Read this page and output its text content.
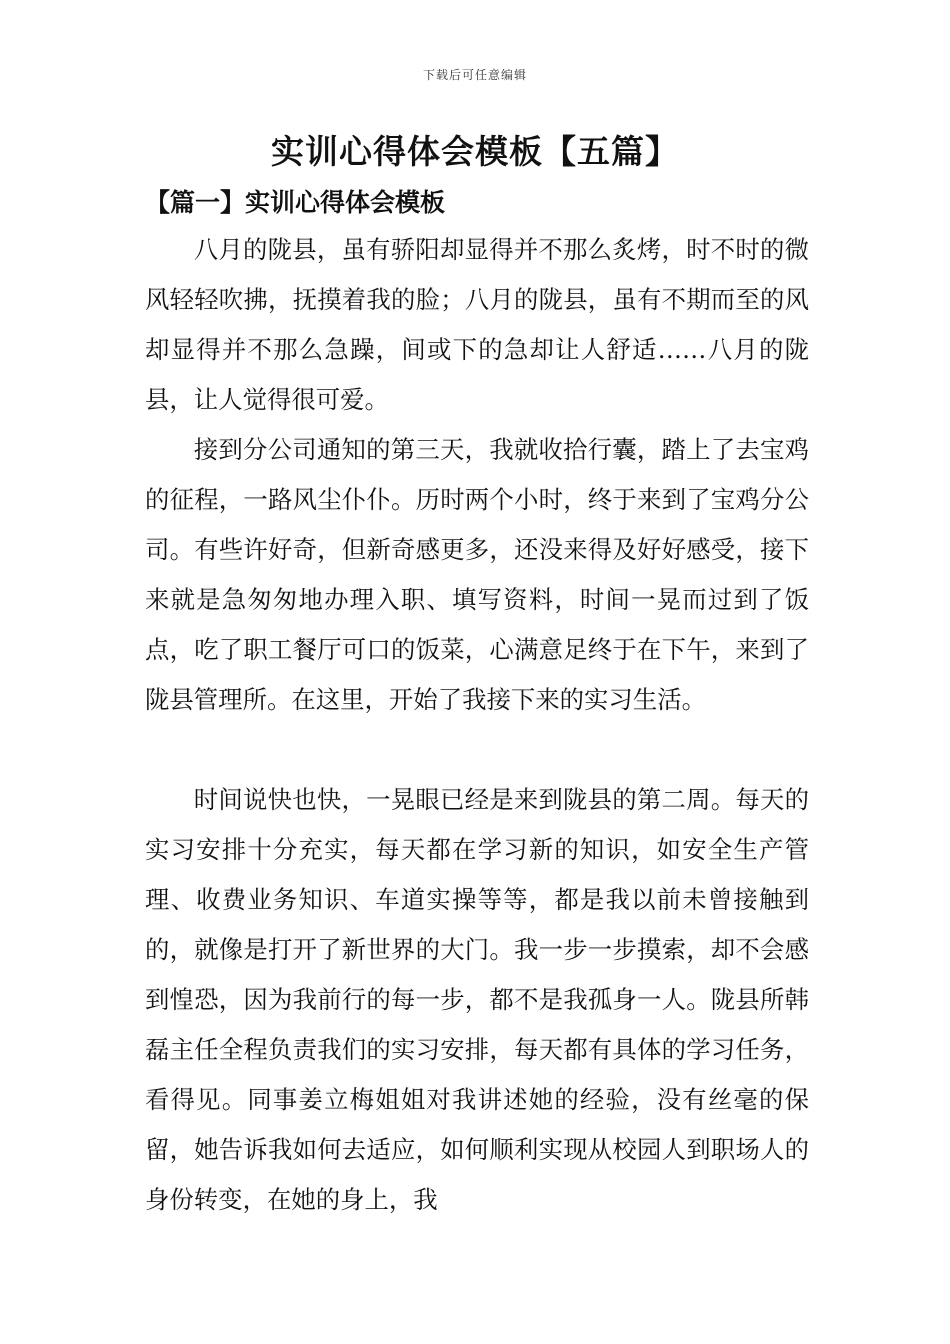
下载后可任意编辑
实训心得体会模板【五篇】
【篇一】实训心得体会模板

八月的陇县，虽有骄阳却显得并不那么炙烤，时不时的微风轻轻吹拂，抚摸着我的脸；八月的陇县，虽有不期而至的风却显得并不那么急躁，间或下的急却让人舒适……八月的陇县，让人觉得很可爱。

接到分公司通知的第三天，我就收拾行囊，踏上了去宝鸡的征程，一路风尘仆仆。历时两个小时，终于来到了宝鸡分公司。有些许好奇，但新奇感更多，还没来得及好好感受，接下来就是急匆匆地办理入职、填写资料，时间一晃而过到了饭点，吃了职工餐厅可口的饭菜，心满意足终于在下午，来到了陇县管理所。在这里，开始了我接下来的实习生活。

时间说快也快，一晃眼已经是来到陇县的第二周。每天的实习安排十分充实，每天都在学习新的知识，如安全生产管理、收费业务知识、车道实操等等，都是我以前未曾接触到的，就像是打开了新世界的大门。我一步一步摸索，却不会感到惶恐，因为我前行的每一步，都不是我孤身一人。陇县所韩磊主任全程负责我们的实习安排，每天都有具体的学习任务，看得见。同事姜立梅姐姐对我讲述她的经验，没有丝毫的保留，她告诉我如何去适应，如何顺利实现从校园人到职场人的身份转变，在她的身上，我
